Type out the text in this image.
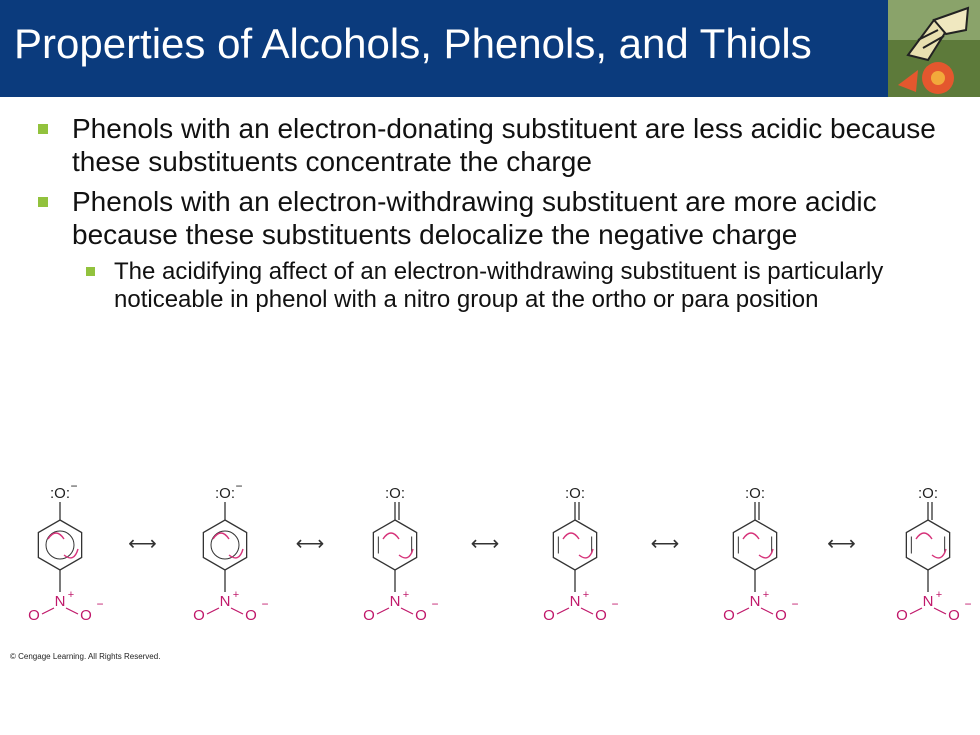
Properties of Alcohols, Phenols, and Thiols
Phenols with an electron-donating substituent are less acidic because these substituents concentrate the charge
Phenols with an electron-withdrawing substituent are more acidic because these substituents delocalize the negative charge
The acidifying affect of an electron-withdrawing substituent is particularly noticeable in phenol with a nitro group at the ortho or para position
:O: −
N +
O	O
−
:O: −
N +
O	O
−
:O:
N +
O	O
−
:O:
N +
O	O
−
:O:
N +
O	O
−
:O:
N +
O	O
−
⟷	⟷	⟷	⟷	⟷
© Cengage Learning. All Rights Reserved.
